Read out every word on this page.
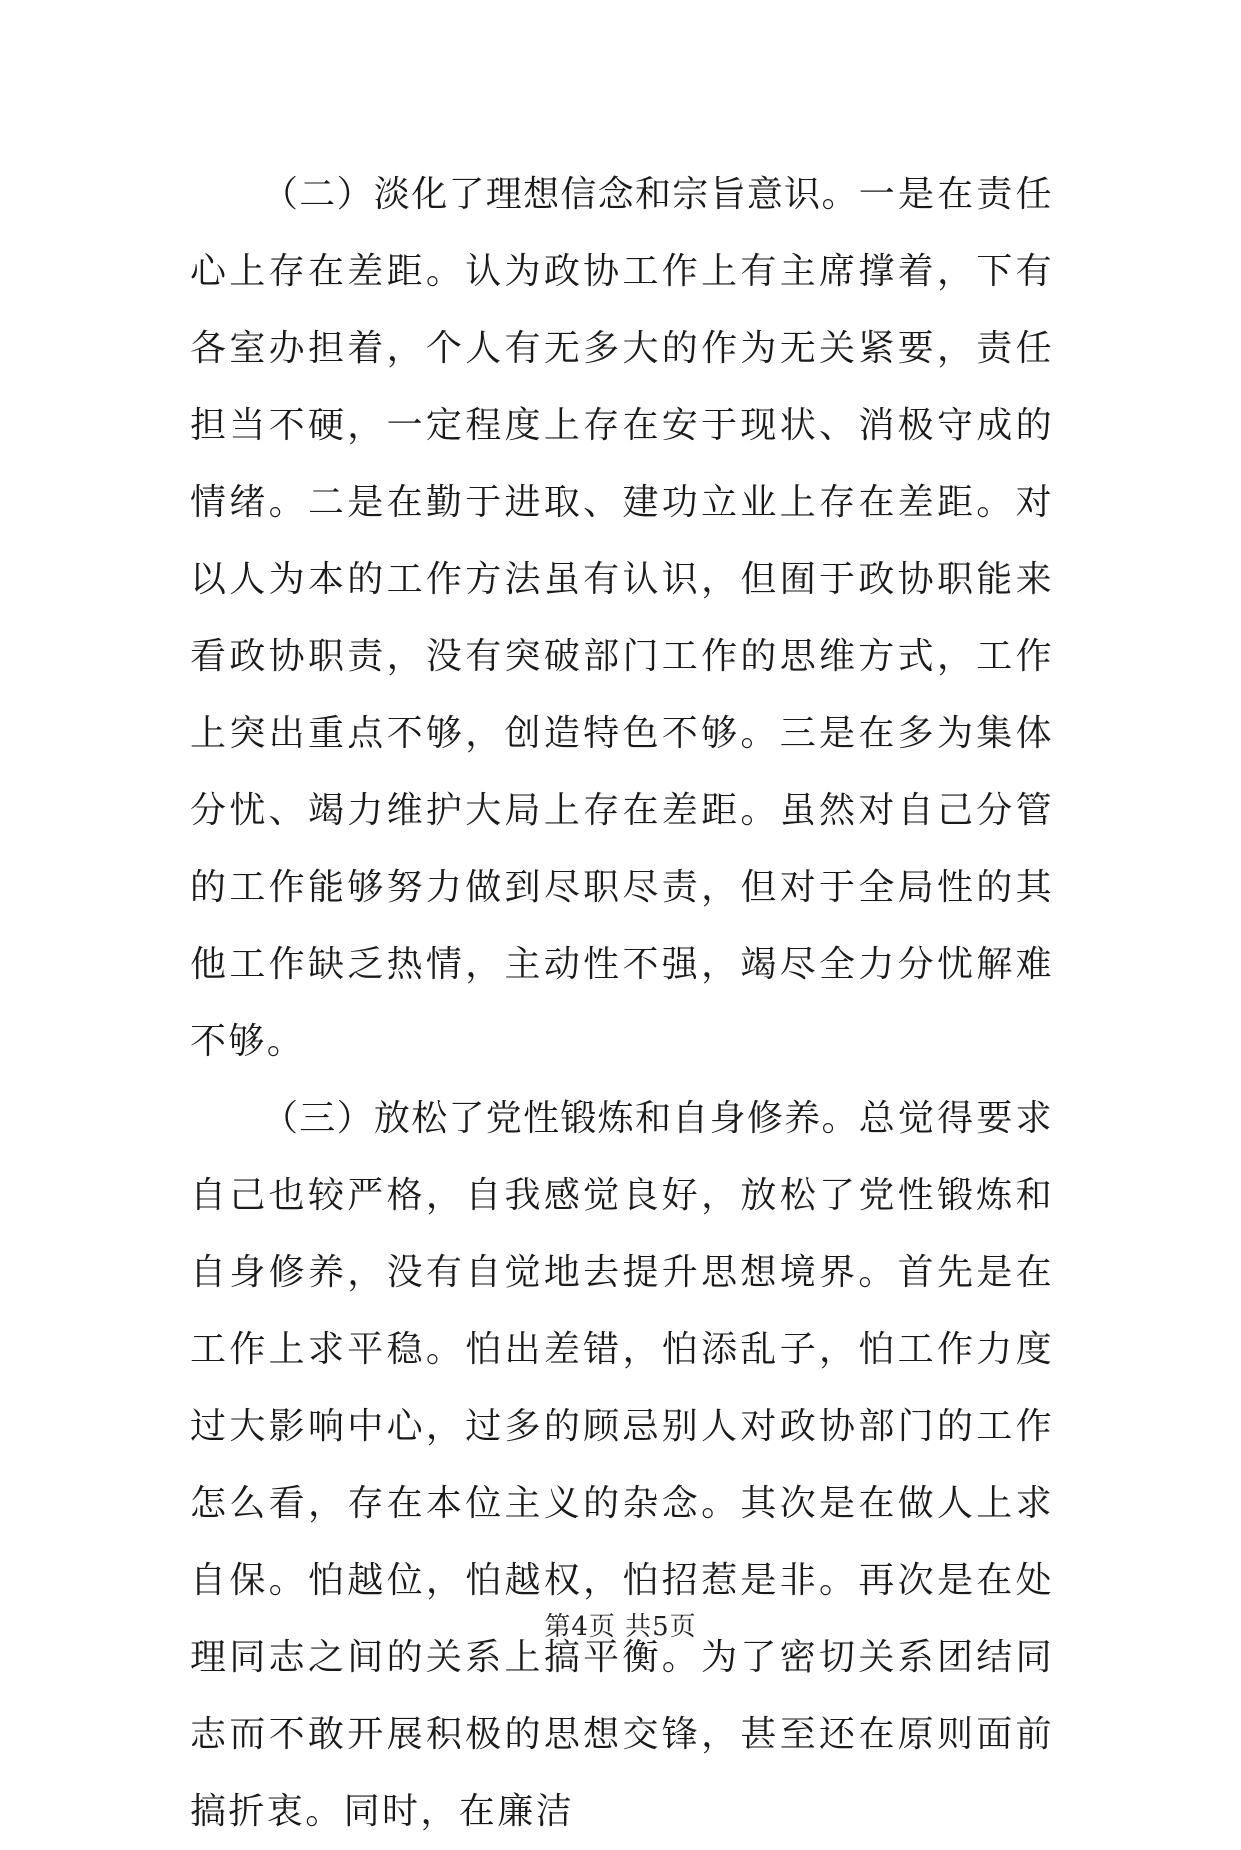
（二）淡化了理想信念和宗旨意识。一是在责任心上存在差距。认为政协工作上有主席撑着，下有各室办担着，个人有无多大的作为无关紧要，责任担当不硬，一定程度上存在安于现状、消极守成的情绪。二是在勤于进取、建功立业上存在差距。对以人为本的工作方法虽有认识，但囿于政协职能来看政协职责，没有突破部门工作的思维方式，工作上突出重点不够，创造特色不够。三是在多为集体分忧、竭力维护大局上存在差距。虽然对自己分管的工作能够努力做到尽职尽责，但对于全局性的其他工作缺乏热情，主动性不强，竭尽全力分忧解难不够。

（三）放松了党性锻炼和自身修养。总觉得要求自己也较严格，自我感觉良好，放松了党性锻炼和自身修养，没有自觉地去提升思想境界。首先是在工作上求平稳。怕出差错，怕添乱子，怕工作力度过大影响中心，过多的顾忌别人对政协部门的工作怎么看，存在本位主义的杂念。其次是在做人上求自保。怕越位，怕越权，怕招惹是非。再次是在处理同志之间的关系上搞平衡。为了密切关系团结同志而不敢开展积极的思想交锋，甚至还在原则面前搞折衷。同时，在廉洁

第4页 共5页
